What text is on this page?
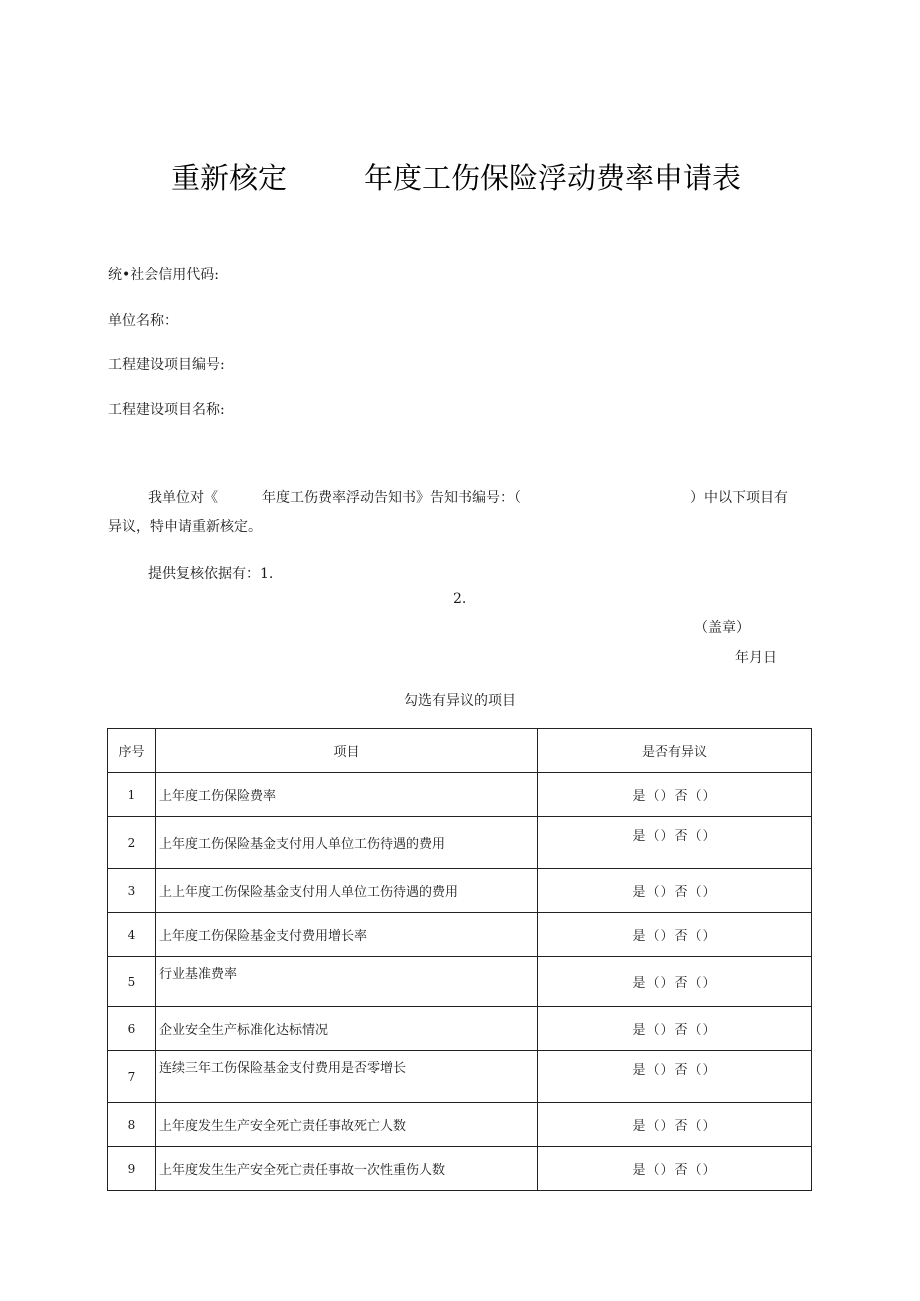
重新核定	年度工伤保险浮动费率申请表
统•社会信用代码:
单位名称：
工程建设项目编号:
工程建设项目名称:
我单位对《	年度工伤费率浮动告知书》告知书编号：（	）中以下项目有
异议，特申请重新核定。
提供复核依据有：1.
2.
（盖章）
年月日
勾选有异议的项目
序号	项目	是否有异议
1	上年度工伤保险费率	是（）否（）
2	上年度工伤保险基金支付用人单位工伤待遇的费用	是（）否（）
3	上上年度工伤保险基金支付用人单位工伤待遇的费用	是（）否（）
4	上年度工伤保险基金支付费用增长率	是（）否（）
5	行业基准费率	是（）否（）
6	企业安全生产标准化达标情况	是（）否（）
7	连续三年工伤保险基金支付费用是否零增长	是（）否（）
8	上年度发生生产安全死亡责任事故死亡人数	是（）否（）
9	上年度发生生产安全死亡责任事故一次性重伤人数	是（）否（）
